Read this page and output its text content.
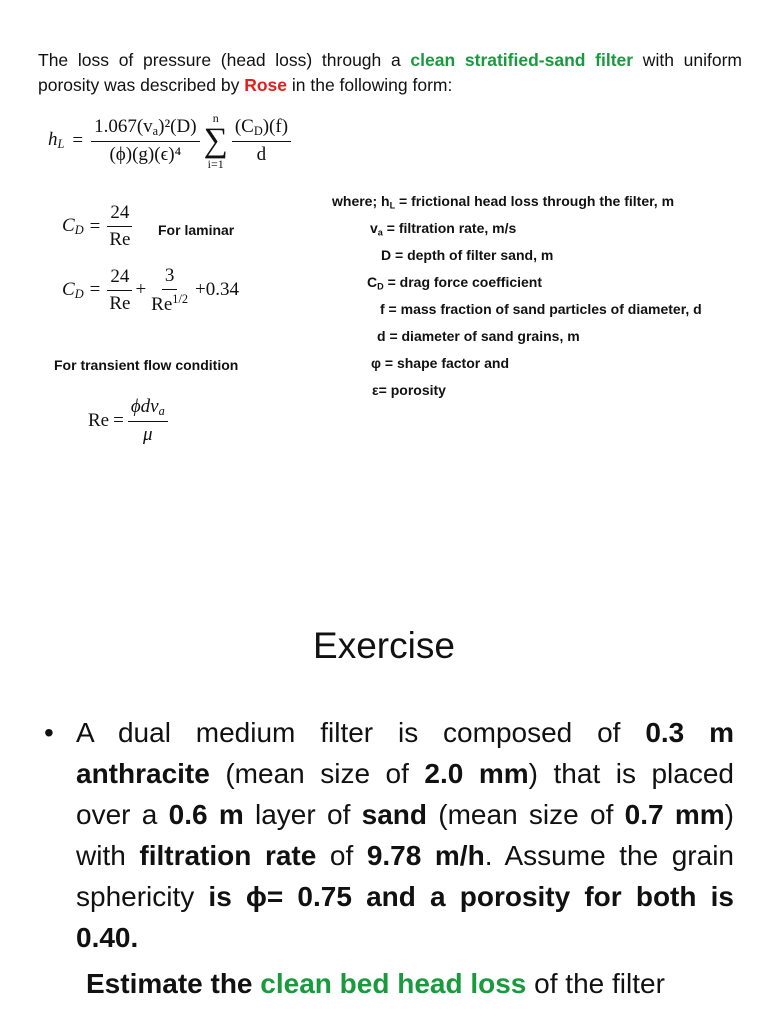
The loss of pressure (head loss) through a clean stratified-sand filter with uniform porosity was described by Rose in the following form:
$h_L = \frac{1.067(v_a)^2(D)}{\text{(ϕ)(g)(ϵ)⁴}}$ n
∑
$i=1 \frac{(C_D)(f)}{d}$
$C_D = \frac{24}{Re}$ For laminar
$C_D = \frac{24}{Re} + \frac{3}{Re^{1/2}} +0.34$
For transient flow condition
$Re = \frac{\phi dv_a}{\mu}$
where; $h_L$ = frictional head loss through the filter, m
$v_a$ = filtration rate, m/s
D = depth of filter sand, m
$C_D$ = drag force coefficient
f = mass fraction of sand particles of diameter, d
d = diameter of sand grains, m
φ = shape factor and
ε= porosity
Exercise
• A dual medium filter is composed of 0.3 m anthracite (mean size of 2.0 mm) that is placed over a 0.6 m layer of sand (mean size of 0.7 mm) with filtration rate of 9.78 m/h. Assume the grain sphericity is ϕ= 0.75 and a porosity for both is 0.40.
Estimate the clean bed head loss of the filter
